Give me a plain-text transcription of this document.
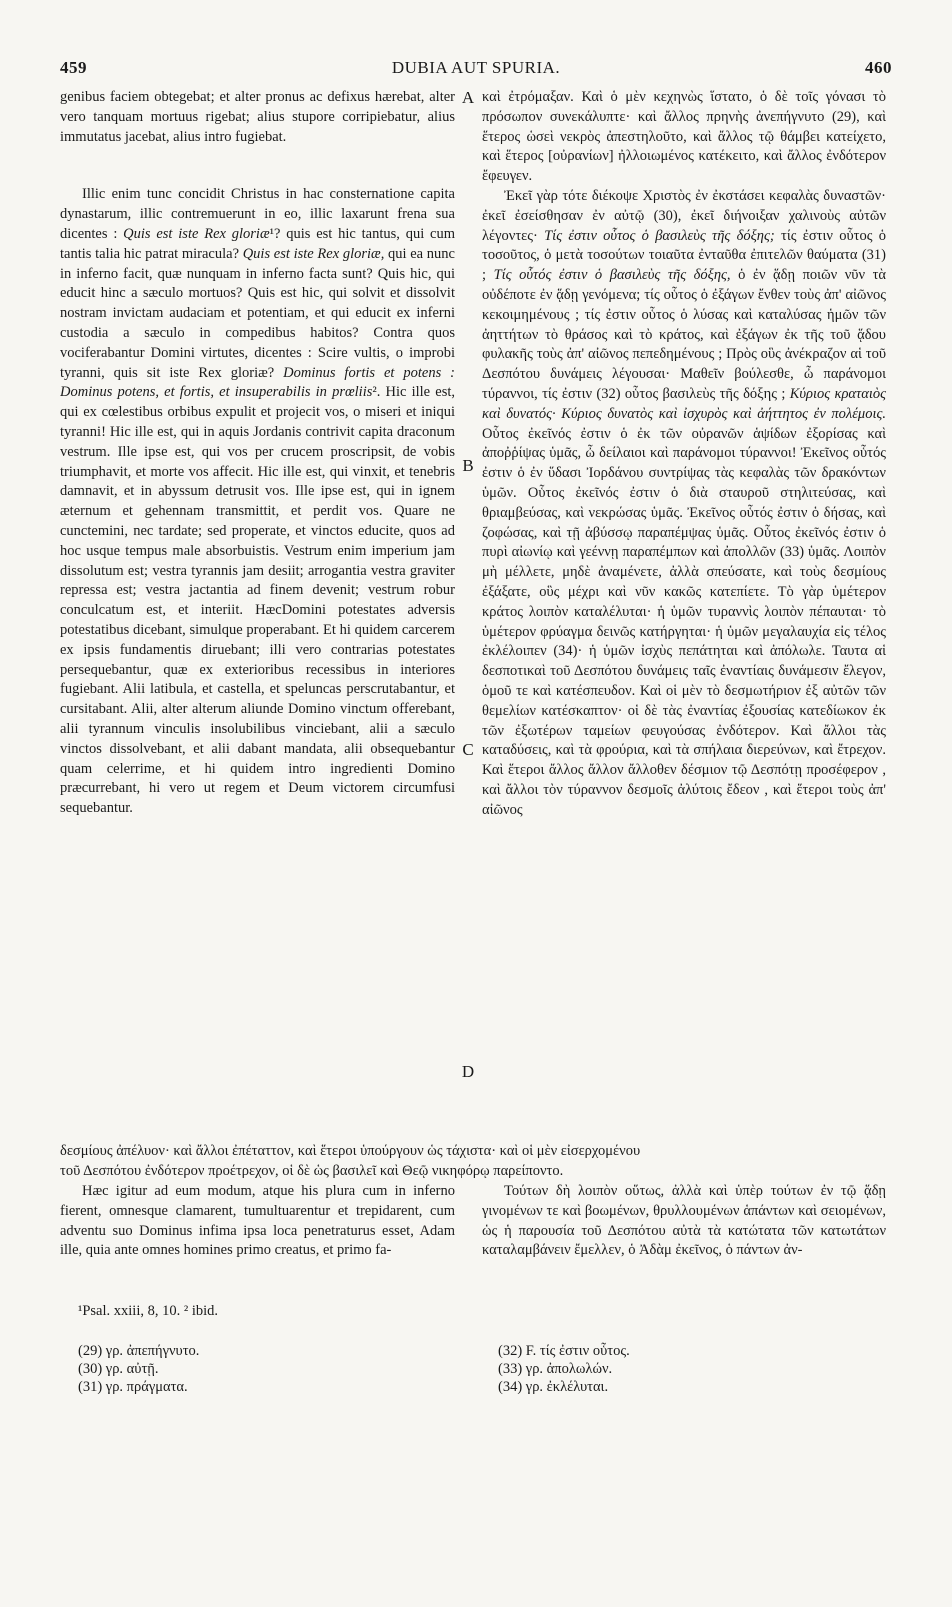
459	DUBIA AUT SPURIA.	460
A
B
C
D

genibus faciem obtegebat; et alter pronus ac defixus hærebat, alter vero tanquam mortuus rigebat; alius stupore corripiebatur, alius immutatus jacebat, alius intro fugiebat.

Illic enim tunc concidit Christus in hac consternatione capita dynastarum, illic contremuerunt in eo, illic laxarunt frena sua dicentes : Quis est iste Rex gloriæ¹? quis est hic tantus, qui cum tantis talia hic patrat miracula? Quis est iste Rex gloriæ, qui ea nunc in inferno facit, quæ nunquam in inferno facta sunt? Quis hic, qui educit hinc a sæculo mortuos? Quis est hic, qui solvit et dissolvit nostram invictam audaciam et potentiam, et qui educit ex inferni custodia a sæculo in compedibus habitos? Contra quos vociferabantur Domini virtutes, dicentes : Scire vultis, o improbi tyranni, quis sit iste Rex gloriæ? Dominus fortis et potens : Dominus potens, et fortis, et insuperabilis in prœliis². Hic ille est, qui ex cœlestibus orbibus expulit et projecit vos, o miseri et iniqui tyranni! Hic ille est, qui in aquis Jordanis contrivit capita draconum vestrum. Ille ipse est, qui vos per crucem proscripsit, de vobis triumphavit, et morte vos affecit. Hic ille est, qui vinxit, et tenebris damnavit, et in abyssum detrusit vos. Ille ipse est, qui in ignem æternum et gehennam transmittit, et perdit vos. Quare ne cunctemini, nec tardate; sed properate, et vinctos educite, quos ad hoc usque tempus male absorbuistis. Vestrum enim imperium jam dissolutum est; vestra tyrannis jam desiit; arrogantia vestra graviter repressa est; vestra jactantia ad finem devenit; vestrum robur conculcatum est, et interiit. HæcDomini potestates adversis potestatibus dicebant, simulque properabant. Et hi quidem carcerem ex ipsis fundamentis diruebant; illi vero contrarias potestates persequebantur, quæ ex exterioribus recessibus in interiores fugiebant. Alii latibula, et castella, et speluncas perscrutabantur, et cursitabant. Alii, alter alterum aliunde Domino vinctum offerebant, alii tyrannum vinculis insolubilibus vinciebant, alii a sæculo vinctos dissolvebant, et alii dabant mandata, alii obsequebantur quam celerrime, et hi quidem intro ingredienti Domino præcurrebant, hi vero ut regem et Deum victorem circumfusi sequebantur.

καὶ ἐτρόμαξαν. Καὶ ὁ μὲν κεχηνὼς ἵστατο, ὁ δὲ τοῖς γόνασι τὸ πρόσωπον συνεκάλυπτε· καὶ ἄλλος πρηνὴς ἀνεπήγνυτο (29), καὶ ἕτερος ὡσεὶ νεκρὸς ἀπεστηλοῦτο, καὶ ἄλλος τῷ θάμβει κατείχετο, καὶ ἕτερος [οὐρανίων] ἠλλοιωμένος κατέκειτο, καὶ ἄλλος ἐνδότερον ἔφευγεν.

Ἐκεῖ γὰρ τότε διέκοψε Χριστὸς ἐν ἐκστάσει κεφαλὰς δυναστῶν· ἐκεῖ ἐσείσθησαν ἐν αὐτῷ (30), ἐκεῖ διήνοιξαν χαλινοὺς αὐτῶν λέγοντες· Τίς ἐστιν οὗτος ὁ βασιλεὺς τῆς δόξης; τίς ἐστιν οὗτος ὁ τοσοῦτος, ὁ μετὰ τοσούτων τοιαῦτα ἐνταῦθα ἐπιτελῶν θαύματα (31) ; Τίς οὗτός ἐστιν ὁ βασιλεὺς τῆς δόξης, ὁ ἐν ᾅδῃ ποιῶν νῦν τὰ οὐδέποτε ἐν ᾅδῃ γενόμενα; τίς οὗτος ὁ ἐξάγων ἔνθεν τοὺς ἀπ' αἰῶνος κεκοιμημένους ; τίς ἐστιν οὗτος ὁ λύσας καὶ καταλύσας ἡμῶν τῶν ἀηττήτων τὸ θράσος καὶ τὸ κράτος, καὶ ἐξάγων ἐκ τῆς τοῦ ᾅδου φυλακῆς τοὺς ἀπ' αἰῶνος πεπεδημένους ; Πρὸς οὓς ἀνέκραζον αἱ τοῦ Δεσπότου δυνάμεις λέγουσαι· Μαθεῖν βούλεσθε, ὦ παράνομοι τύραννοι, τίς ἐστιν (32) οὗτος βασιλεὺς τῆς δόξης ; Κύριος κραταιὸς καὶ δυνατός· Κύριος δυνατὸς καὶ ἰσχυρὸς καὶ ἀήττητος ἐν πολέμοις. Οὗτος ἐκεῖνός ἐστιν ὁ ἐκ τῶν οὐρανῶν ἁψίδων ἐξορίσας καὶ ἀποῤῥίψας ὑμᾶς, ὦ δείλαιοι καὶ παράνομοι τύραννοι! Ἐκεῖνος οὗτός ἐστιν ὁ ἐν ὕδασι Ἰορδάνου συντρίψας τὰς κεφαλὰς τῶν δρακόντων ὑμῶν. Οὗτος ἐκεῖνός ἐστιν ὁ διὰ σταυροῦ στηλιτεύσας, καὶ θριαμβεύσας, καὶ νεκρώσας ὑμᾶς. Ἐκεῖνος οὗτός ἐστιν ὁ δήσας, καὶ ζοφώσας, καὶ τῇ ἀβύσσῳ παραπέμψας ὑμᾶς. Οὗτος ἐκεῖνός ἐστιν ὁ πυρὶ αἰωνίῳ καὶ γεέννῃ παραπέμπων καὶ ἀπολλῶν (33) ὑμᾶς. Λοιπὸν μὴ μέλλετε, μηδὲ ἀναμένετε, ἀλλὰ σπεύσατε, καὶ τοὺς δεσμίους ἐξάξατε, οὓς μέχρι καὶ νῦν κακῶς κατεπίετε. Τὸ γὰρ ὑμέτερον κράτος λοιπὸν καταλέλυται· ἡ ὑμῶν τυραννὶς λοιπὸν πέπαυται· τὸ ὑμέτερον φρύαγμα δεινῶς κατήργηται· ἡ ὑμῶν μεγαλαυχία εἰς τέλος ἐκλέλοιπεν (34)· ἡ ὑμῶν ἰσχὺς πεπάτηται καὶ ἀπόλωλε. Ταυτα αἱ δεσποτικαὶ τοῦ Δεσπότου δυνάμεις ταῖς ἐναντίαις δυνάμεσιν ἔλεγον, ὁμοῦ τε καὶ κατέσπευδον. Καὶ οἱ μὲν τὸ δεσμωτήριον ἐξ αὐτῶν τῶν θεμελίων κατέσκαπτον· οἱ δὲ τὰς ἐναντίας ἐξουσίας κατεδίωκον ἐκ τῶν ἐξωτέρων ταμείων φευγούσας ἐνδότερον. Καὶ ἄλλοι τὰς καταδύσεις, καὶ τὰ φρούρια, καὶ τὰ σπήλαια διερεύνων, καὶ ἔτρεχον. Καὶ ἕτεροι ἄλλος ἄλλον ἄλλοθεν δέσμιον τῷ Δεσπότῃ προσέφερον , καὶ ἄλλοι τὸν τύραννον δεσμοῖς ἀλύτοις ἔδεον , καὶ ἕτεροι τοὺς ἀπ' αἰῶνος

δεσμίους ἀπέλυον· καὶ ἄλλοι ἐπέταττον, καὶ ἕτεροι ὑπούργουν ὡς τάχιστα· καὶ οἱ μὲν εἰσερχομένου
τοῦ Δεσπότου ἐνδότερον προέτρεχον, οἱ δὲ ὡς βασιλεῖ καὶ Θεῷ νικηφόρῳ παρείποντο.

Hæc igitur ad eum modum, atque his plura cum in inferno fierent, omnesque clamarent, tumultuarentur et trepidarent, cum adventu suo Dominus infima ipsa loca penetraturus esset, Adam ille, quia ante omnes homines primo creatus, et primo fa-

Τούτων δὴ λοιπὸν οὕτως, ἀλλὰ καὶ ὑπὲρ τούτων ἐν τῷ ᾅδῃ γινομένων τε καὶ βοωμένων, θρυλλουμένων ἁπάντων καὶ σειομένων, ὡς ἡ παρουσία τοῦ Δεσπότου αὐτὰ τὰ κατώτατα τῶν κατωτάτων καταλαμβάνειν ἔμελλεν, ὁ Ἀδὰμ ἐκεῖνος, ὁ πάντων ἀν-

¹Psal. xxiii, 8, 10. ² ibid.
(29) γρ. ἀπεπήγνυτο.
(30) γρ. αὐτῇ.
(31) γρ. πράγματα.
(32) F. τίς ἐστιν οὗτος.
(33) γρ. ἀπολωλών.
(34) γρ. ἐκλέλυται.
